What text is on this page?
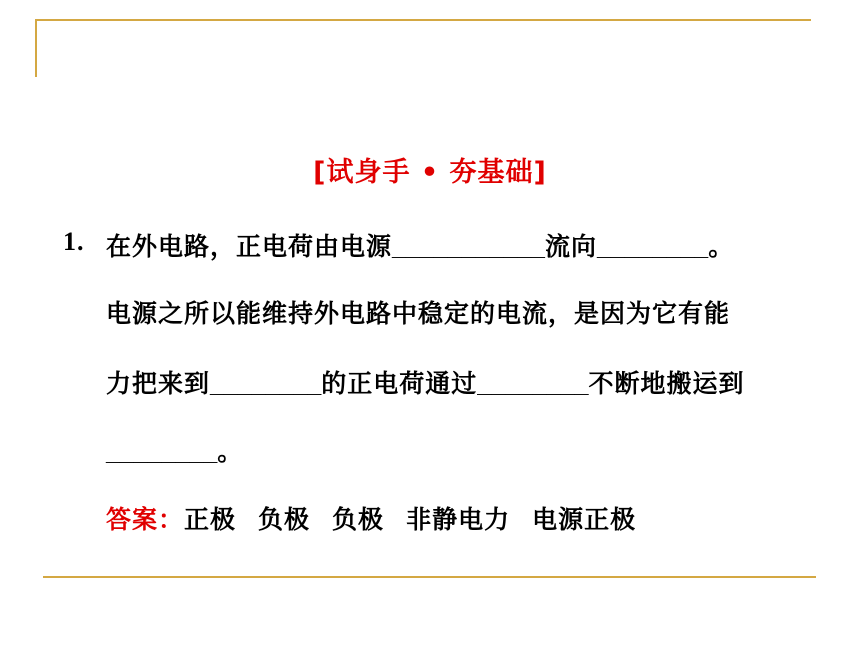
[试身手 • 夯基础]
1. 在外电路，正电荷由电源___________流向________。
电源之所以能维持外电路中稳定的电流，是因为它有能
力把来到________的正电荷通过________不断地搬运到
________。
答案：正极 负极 负极 非静电力 电源正极
